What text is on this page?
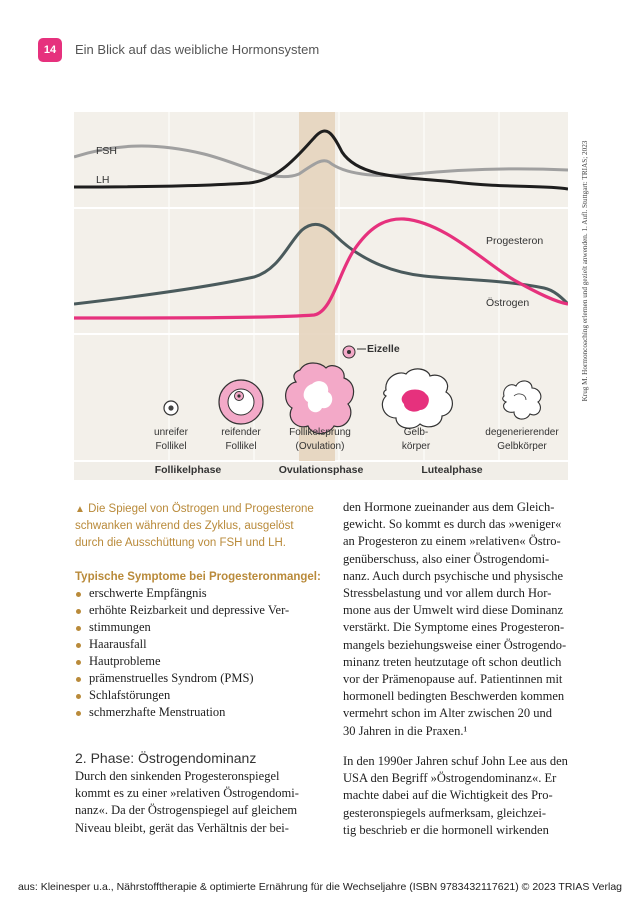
14 Ein Blick auf das weibliche Hormonsystem
FSH
LH
Progesteron
Östrogen
Eizelle
unreifer
Follikel
reifender
Follikel
Follikelsprung
(Ovulation)
Gelb-
körper
degenerierender
Gelbkörper
Follikelphase	Ovulationsphase	Lutealphase
Krug M. Hormoncoaching erlernen und gezielt anwenden. 1. Aufl. Stuttgart: TRIAS; 2023
▲ Die Spiegel von Östrogen und Progesterone
schwanken während des Zyklus, ausgelöst
durch die Ausschüttung von FSH und LH.
Typische Symptome bei Progesteronmangel:
erschwerte Empfängnis
erhöhte Reizbarkeit und depressive Ver-
stimmungen
Haarausfall
Hautprobleme
prämenstruelles Syndrom (PMS)
Schlafstörungen
schmerzhafte Menstruation
2. Phase: Östrogendominanz
Durch den sinkenden Progesteronspiegel
kommt es zu einer »relativen Östrogendomi-
nanz«. Da der Östrogenspiegel auf gleichem
Niveau bleibt, gerät das Verhältnis der bei-
den Hormone zueinander aus dem Gleich-
gewicht. So kommt es durch das »weniger«
an Progesteron zu einem »relativen« Östro-
genüberschuss, also einer Östrogendomi-
nanz. Auch durch psychische und physische
Stressbelastung und vor allem durch Hor-
mone aus der Umwelt wird diese Dominanz
verstärkt. Die Symptome eines Progesteron-
mangels beziehungsweise einer Östrogendo-
minanz treten heutzutage oft schon deutlich
vor der Prämenopause auf. Patientinnen mit
hormonell bedingten Beschwerden kommen
vermehrt schon im Alter zwischen 20 und
30 Jahren in die Praxen.¹
In den 1990er Jahren schuf John Lee aus den
USA den Begriff »Östrogendominanz«. Er
machte dabei auf die Wichtigkeit des Pro-
gesteronspiegels aufmerksam, gleichzei-
tig beschrieb er die hormonell wirkenden
aus: Kleinesper u.a., Nährstofftherapie & optimierte Ernährung für die Wechseljahre (ISBN 9783432117621) © 2023 TRIAS Verlag
